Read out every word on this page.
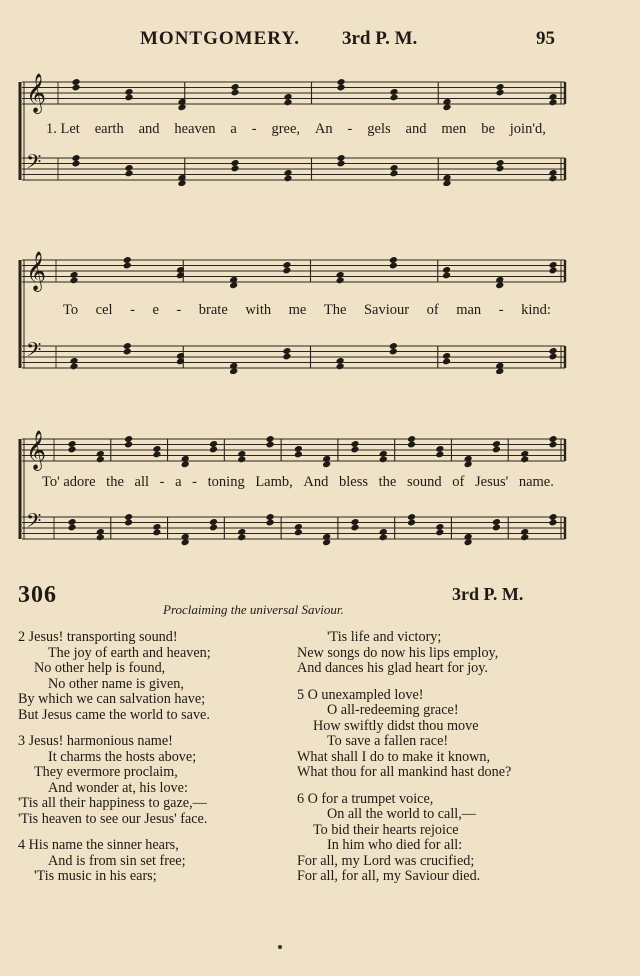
MONTGOMERY. 3rd P. M.	95
𝄞
𝄢
1. Let earth and heaven a - gree, An - gels and men be join'd,
𝄞
𝄢
To cel - e - brate with me The Saviour of man - kind:
𝄞
𝄢
To' adore the all - a - toning Lamb, And bless the sound of Jesus' name.
306	3rd P. M.
Proclaiming the universal Saviour.
2 Jesus! transporting sound!
The joy of earth and heaven;
No other help is found,
No other name is given,
By which we can salvation have;
But Jesus came the world to save.
3 Jesus! harmonious name!
It charms the hosts above;
They evermore proclaim,
And wonder at, his love:
'Tis all their happiness to gaze,—
'Tis heaven to see our Jesus' face.
4 His name the sinner hears,
And is from sin set free;
'Tis music in his ears;
'Tis life and victory;
New songs do now his lips employ,
And dances his glad heart for joy.
5 O unexampled love!
O all-redeeming grace!
How swiftly didst thou move
To save a fallen race!
What shall I do to make it known,
What thou for all mankind hast done?
6 O for a trumpet voice,
On all the world to call,—
To bid their hearts rejoice
In him who died for all:
For all, my Lord was crucified;
For all, for all, my Saviour died.
